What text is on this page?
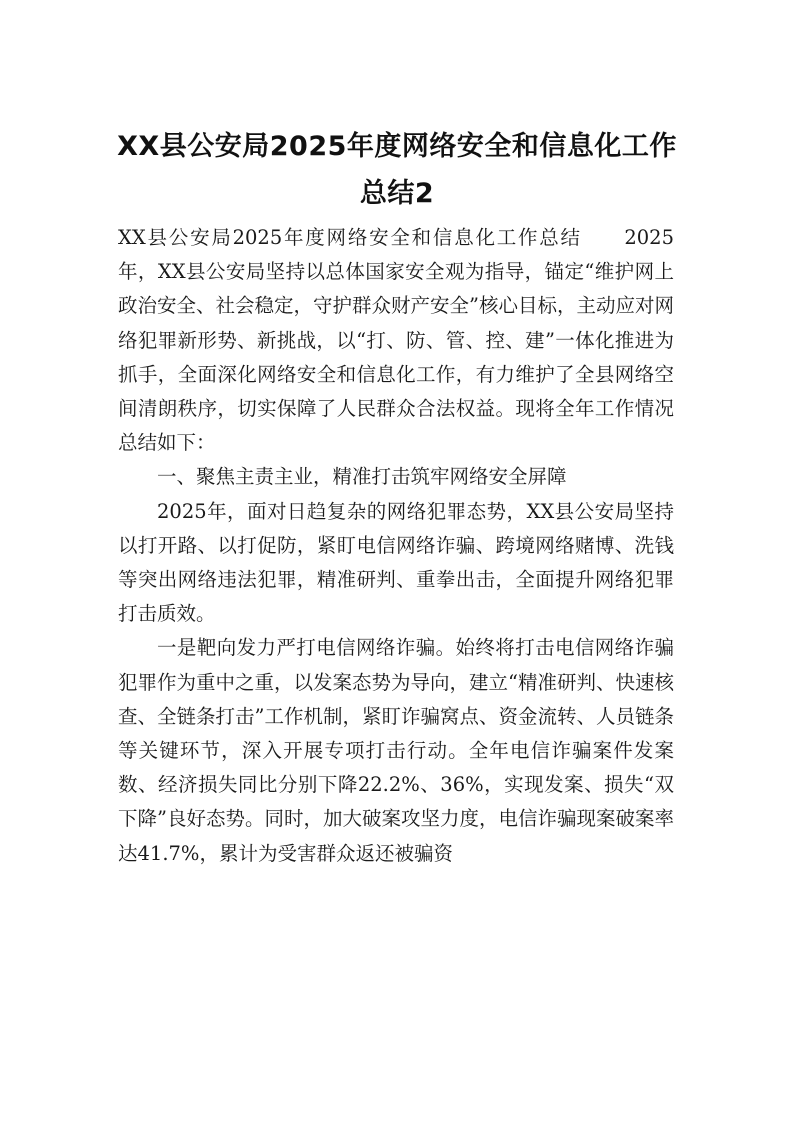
XX县公安局2025年度网络安全和信息化工作总结2

XX县公安局2025年度网络安全和信息化工作总结　　2025年，XX县公安局坚持以总体国家安全观为指导，锚定“维护网上政治安全、社会稳定，守护群众财产安全”核心目标，主动应对网络犯罪新形势、新挑战，以“打、防、管、控、建”一体化推进为抓手，全面深化网络安全和信息化工作，有力维护了全县网络空间清朗秩序，切实保障了人民群众合法权益。现将全年工作情况总结如下：

一、聚焦主责主业，精准打击筑牢网络安全屏障

2025年，面对日趋复杂的网络犯罪态势，XX县公安局坚持以打开路、以打促防，紧盯电信网络诈骗、跨境网络赌博、洗钱等突出网络违法犯罪，精准研判、重拳出击，全面提升网络犯罪打击质效。

一是靶向发力严打电信网络诈骗。始终将打击电信网络诈骗犯罪作为重中之重，以发案态势为导向，建立“精准研判、快速核查、全链条打击”工作机制，紧盯诈骗窝点、资金流转、人员链条等关键环节，深入开展专项打击行动。全年电信诈骗案件发案数、经济损失同比分别下降22.2%、36%，实现发案、损失“双下降”良好态势。同时，加大破案攻坚力度，电信诈骗现案破案率达41.7%，累计为受害群众返还被骗资
